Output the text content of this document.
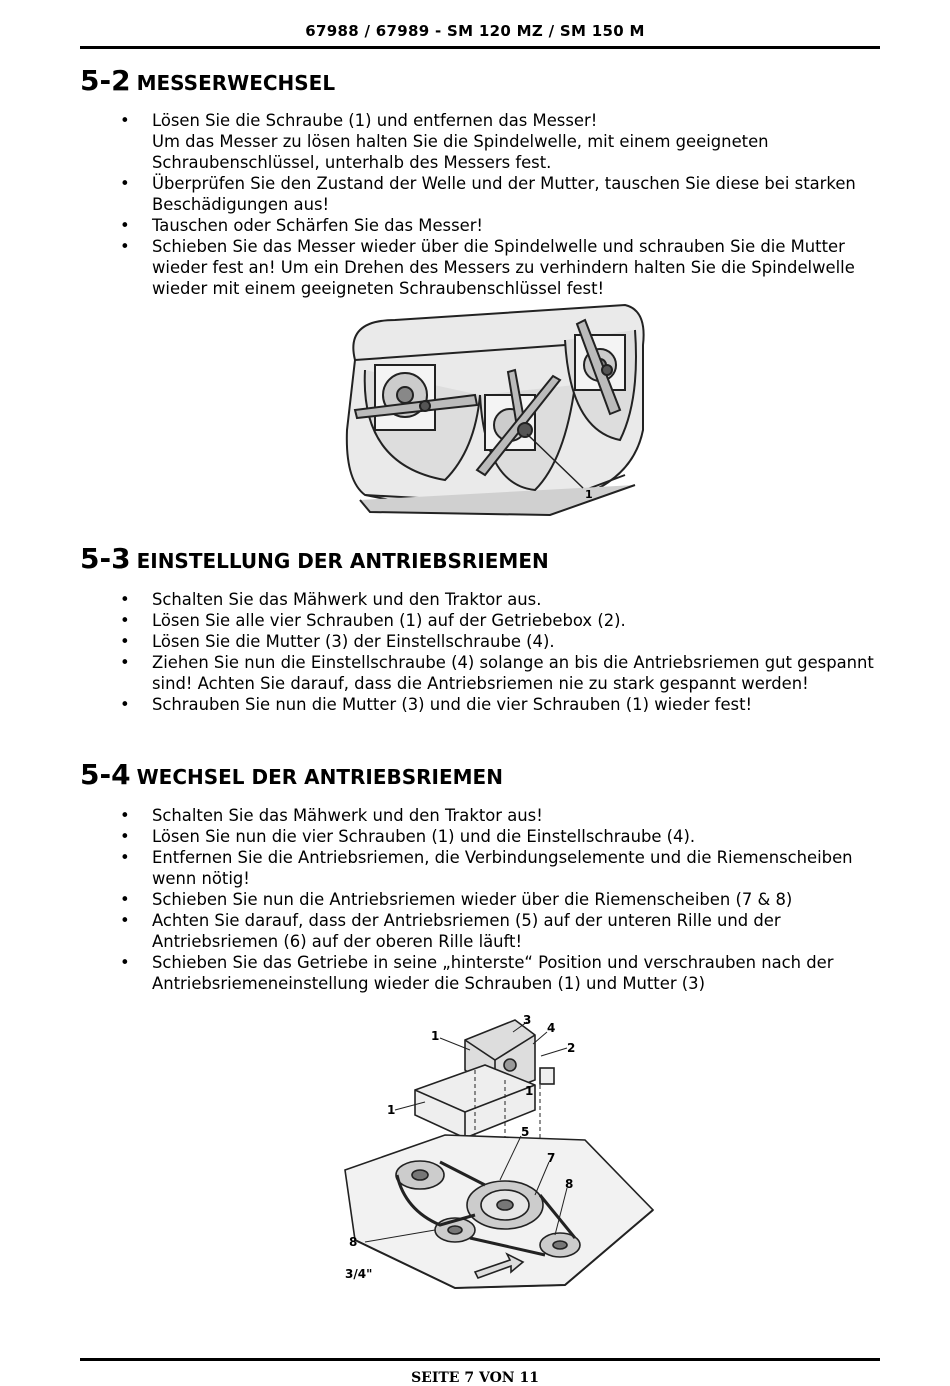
67988 / 67989 - SM 120 MZ / SM 150 M
5-2 MESSERWECHSEL
• Lösen Sie die Schraube (1) und entfernen das Messer!
Um das Messer zu lösen halten Sie die Spindelwelle, mit einem geeigneten Schraubenschlüssel, unterhalb des Messers fest.
• Überprüfen Sie den Zustand der Welle und der Mutter, tauschen Sie diese bei starken Beschädigungen aus!
• Tauschen oder Schärfen Sie das Messer!
• Schieben Sie das Messer wieder über die Spindelwelle und schrauben Sie die Mutter wieder fest an! Um ein Drehen des Messers zu verhindern halten Sie die Spindelwelle wieder mit einem geeigneten Schraubenschlüssel fest!
1
5-3 EINSTELLUNG DER ANTRIEBSRIEMEN
• Schalten Sie das Mähwerk und den Traktor aus.
• Lösen Sie alle vier Schrauben (1) auf der Getriebebox (2).
• Lösen Sie die Mutter (3) der Einstellschraube (4).
• Ziehen Sie nun die Einstellschraube (4) solange an bis die Antriebsriemen gut gespannt sind! Achten Sie darauf, dass die Antriebsriemen nie zu stark gespannt werden!
• Schrauben Sie nun die Mutter (3) und die vier Schrauben (1) wieder fest!
5-4 WECHSEL DER ANTRIEBSRIEMEN
• Schalten Sie das Mähwerk und den Traktor aus!
• Lösen Sie nun die vier Schrauben (1) und die Einstellschraube (4).
• Entfernen Sie die Antriebsriemen, die Verbindungselemente und die Riemenscheiben wenn nötig!
• Schieben Sie nun die Antriebsriemen wieder über die Riemenscheiben (7 & 8)
• Achten Sie darauf, dass der Antriebsriemen (5) auf der unteren Rille und der Antriebsriemen (6) auf der oberen Rille läuft!
• Schieben Sie das Getriebe in seine „hinterste“ Position und verschrauben nach der Antriebsriemeneinstellung wieder die Schrauben (1) und Mutter (3)
1
1
1
2
3
4
5
7
8
8
3/4"
SEITE 7 VON 11
